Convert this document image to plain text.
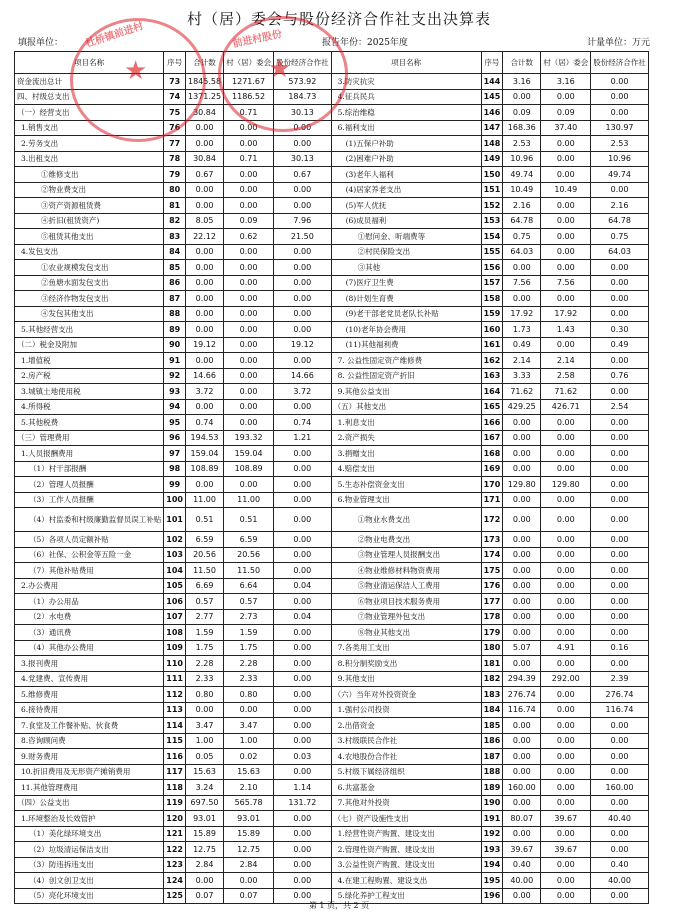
村（居）委会与股份经济合作社支出决算表
填报单位：	报告年份：2025年度	计量单位：万元
项目名称	序号	合计数	村（居）委会	股份经济合作社	项目名称	序号	合计数	村（居）委会	股份经济合作社
资金流出总计	73	1845.58	1271.67	573.92	3.防灾抗灾	144	3.16	3.16	0.00
四、村级总支出	74	1371.25	1186.52	184.73	4.征兵民兵	145	0.00	0.00	0.00
（一）经营支出	75	30.84	0.71	30.13	5.综治维稳	146	0.09	0.09	0.00
1.销售支出	76	0.00	0.00	0.00	6.福利支出	147	168.36	37.40	130.97
2.劳务支出	77	0.00	0.00	0.00	(1)五保户补助	148	2.53	0.00	2.53
3.出租支出	78	30.84	0.71	30.13	(2)困难户补助	149	10.96	0.00	10.96
①维修支出	79	0.67	0.00	0.67	(3)老年人福利	150	49.74	0.00	49.74
②物业费支出	80	0.00	0.00	0.00	(4)居家养老支出	151	10.49	10.49	0.00
③资产资源租赁费	81	0.00	0.00	0.00	(5)军人优抚	152	2.16	0.00	2.16
④折旧(租赁资产)	82	8.05	0.09	7.96	(6)成员福利	153	64.78	0.00	64.78
⑤租赁其他支出	83	22.12	0.62	21.50	①慰问金、听端费等	154	0.75	0.00	0.75
4.发包支出	84	0.00	0.00	0.00	②村民保险支出	155	64.03	0.00	64.03
①农业规模发包支出	85	0.00	0.00	0.00	③其他	156	0.00	0.00	0.00
②鱼塘水面发包支出	86	0.00	0.00	0.00	(7)医疗卫生费	157	7.56	7.56	0.00
③经济作物发包支出	87	0.00	0.00	0.00	(8)计划生育费	158	0.00	0.00	0.00
④发包其他支出	88	0.00	0.00	0.00	(9)老干部老党员老队长补贴	159	17.92	17.92	0.00
5.其他经营支出	89	0.00	0.00	0.00	(10)老年协会费用	160	1.73	1.43	0.30
（二）税金及附加	90	19.12	0.00	19.12	(11)其他福利费	161	0.49	0.00	0.49
1.增值税	91	0.00	0.00	0.00	7. 公益性固定资产维修费	162	2.14	2.14	0.00
2.房产税	92	14.66	0.00	14.66	8. 公益性固定资产折旧	163	3.33	2.58	0.76
3.城镇土地使用税	93	3.72	0.00	3.72	9.其他公益支出	164	71.62	71.62	0.00
4.所得税	94	0.00	0.00	0.00	（五）其他支出	165	429.25	426.71	2.54
5.其他税费	95	0.74	0.00	0.74	1.利息支出	166	0.00	0.00	0.00
（三）管理费用	96	194.53	193.32	1.21	2.资产损失	167	0.00	0.00	0.00
1.人员报酬费用	97	159.04	159.04	0.00	3.捐赠支出	168	0.00	0.00	0.00
（1）村干部报酬	98	108.89	108.89	0.00	4.赔偿支出	169	0.00	0.00	0.00
（2）管理人员报酬	99	0.00	0.00	0.00	5.生态补偿资金支出	170	129.80	129.80	0.00
（3）工作人员报酬	100	11.00	11.00	0.00	6.物业管理支出	171	0.00	0.00	0.00
（4）村监委和村级廉勤监督员误工补贴	101	0.51	0.51	0.00	①物业水费支出	172	0.00	0.00	0.00
（5）各项人员定额补贴	102	6.59	6.59	0.00	②物业电费支出	173	0.00	0.00	0.00
（6）社保、公积金等五险一金	103	20.56	20.56	0.00	③物业管理人员报酬支出	174	0.00	0.00	0.00
（7）其他补贴费用	104	11.50	11.50	0.00	④物业维修材料物资费用	175	0.00	0.00	0.00
2.办公费用	105	6.69	6.64	0.04	⑤物业清运保洁人工费用	176	0.00	0.00	0.00
（1）办公用品	106	0.57	0.57	0.00	⑥物业项目技术服务费用	177	0.00	0.00	0.00
（2）水电费	107	2.77	2.73	0.04	⑦物业管理外包支出	178	0.00	0.00	0.00
（3）通讯费	108	1.59	1.59	0.00	⑧物业其他支出	179	0.00	0.00	0.00
（4）其他办公费用	109	1.75	1.75	0.00	7.各类用工支出	180	5.07	4.91	0.16
3.报刊费用	110	2.28	2.28	0.00	8.积分制奖励支出	181	0.00	0.00	0.00
4.党建费、宣传费用	111	2.33	2.33	0.00	9.其他支出	182	294.39	292.00	2.39
5.维修费用	112	0.80	0.80	0.00	（六）当年对外投资资金	183	276.74	0.00	276.74
6.接待费用	113	0.00	0.00	0.00	1.强村公司投资	184	116.74	0.00	116.74
7.食堂及工作餐补贴、伙食费	114	3.47	3.47	0.00	2.出借资金	185	0.00	0.00	0.00
8.咨询顾问费	115	1.00	1.00	0.00	3.村级联民合作社	186	0.00	0.00	0.00
9.财务费用	116	0.05	0.02	0.03	4.农地股份合作社	187	0.00	0.00	0.00
10.折旧费用及无形资产摊销费用	117	15.63	15.63	0.00	5.村级下属经济组织	188	0.00	0.00	0.00
11.其他管理费用	118	3.24	2.10	1.14	6.共富基金	189	160.00	0.00	160.00
（四）公益支出	119	697.50	565.78	131.72	7.其他对外投资	190	0.00	0.00	0.00
1.环境整治及长效管护	120	93.01	93.01	0.00	（七）资产设施性支出	191	80.07	39.67	40.40
（1）美化绿环境支出	121	15.89	15.89	0.00	1.经营性资产购置、建设支出	192	0.00	0.00	0.00
（2）垃圾清运保洁支出	122	12.75	12.75	0.00	2.管理性资产购置、建设支出	193	39.67	39.67	0.00
（3）防违拆违支出	123	2.84	2.84	0.00	3.公益性资产购置、建设支出	194	0.40	0.00	0.40
（4）创文创卫支出	124	0.00	0.00	0.00	4.在建工程购置、建设支出	195	40.00	0.00	40.00
（5）亮化环境支出	125	0.07	0.07	0.00	5.绿化养护工程支出	196	0.00	0.00	0.00
★
杜桥镇前进村
★
前进村股份
第 1 页，共 2 页
